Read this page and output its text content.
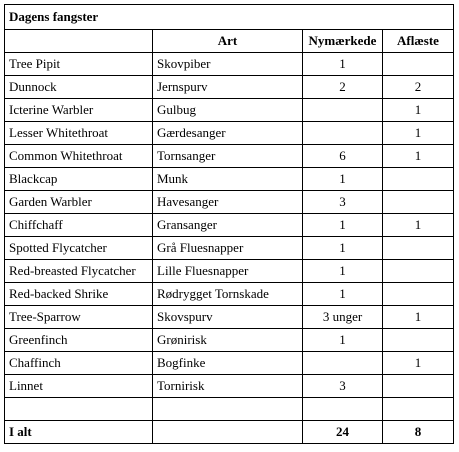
Dagens fangster			
	Art	Nymærkede	Aflæste
Tree Pipit	Skovpiber	1	
Dunnock	Jernspurv	2	2
Icterine Warbler	Gulbug		1
Lesser Whitethroat	Gærdesanger		1
Common Whitethroat	Tornsanger	6	1
Blackcap	Munk	1	
Garden Warbler	Havesanger	3	
Chiffchaff	Gransanger	1	1
Spotted Flycatcher	Grå Fluesnapper	1	
Red-breasted Flycatcher	Lille Fluesnapper	1	
Red-backed Shrike	Rødrygget Tornskade	1	
Tree-Sparrow	Skovspurv	3 unger	1
Greenfinch	Grønirisk	1	
Chaffinch	Bogfinke		1
Linnet	Tornirisk	3	

I alt		24	8
